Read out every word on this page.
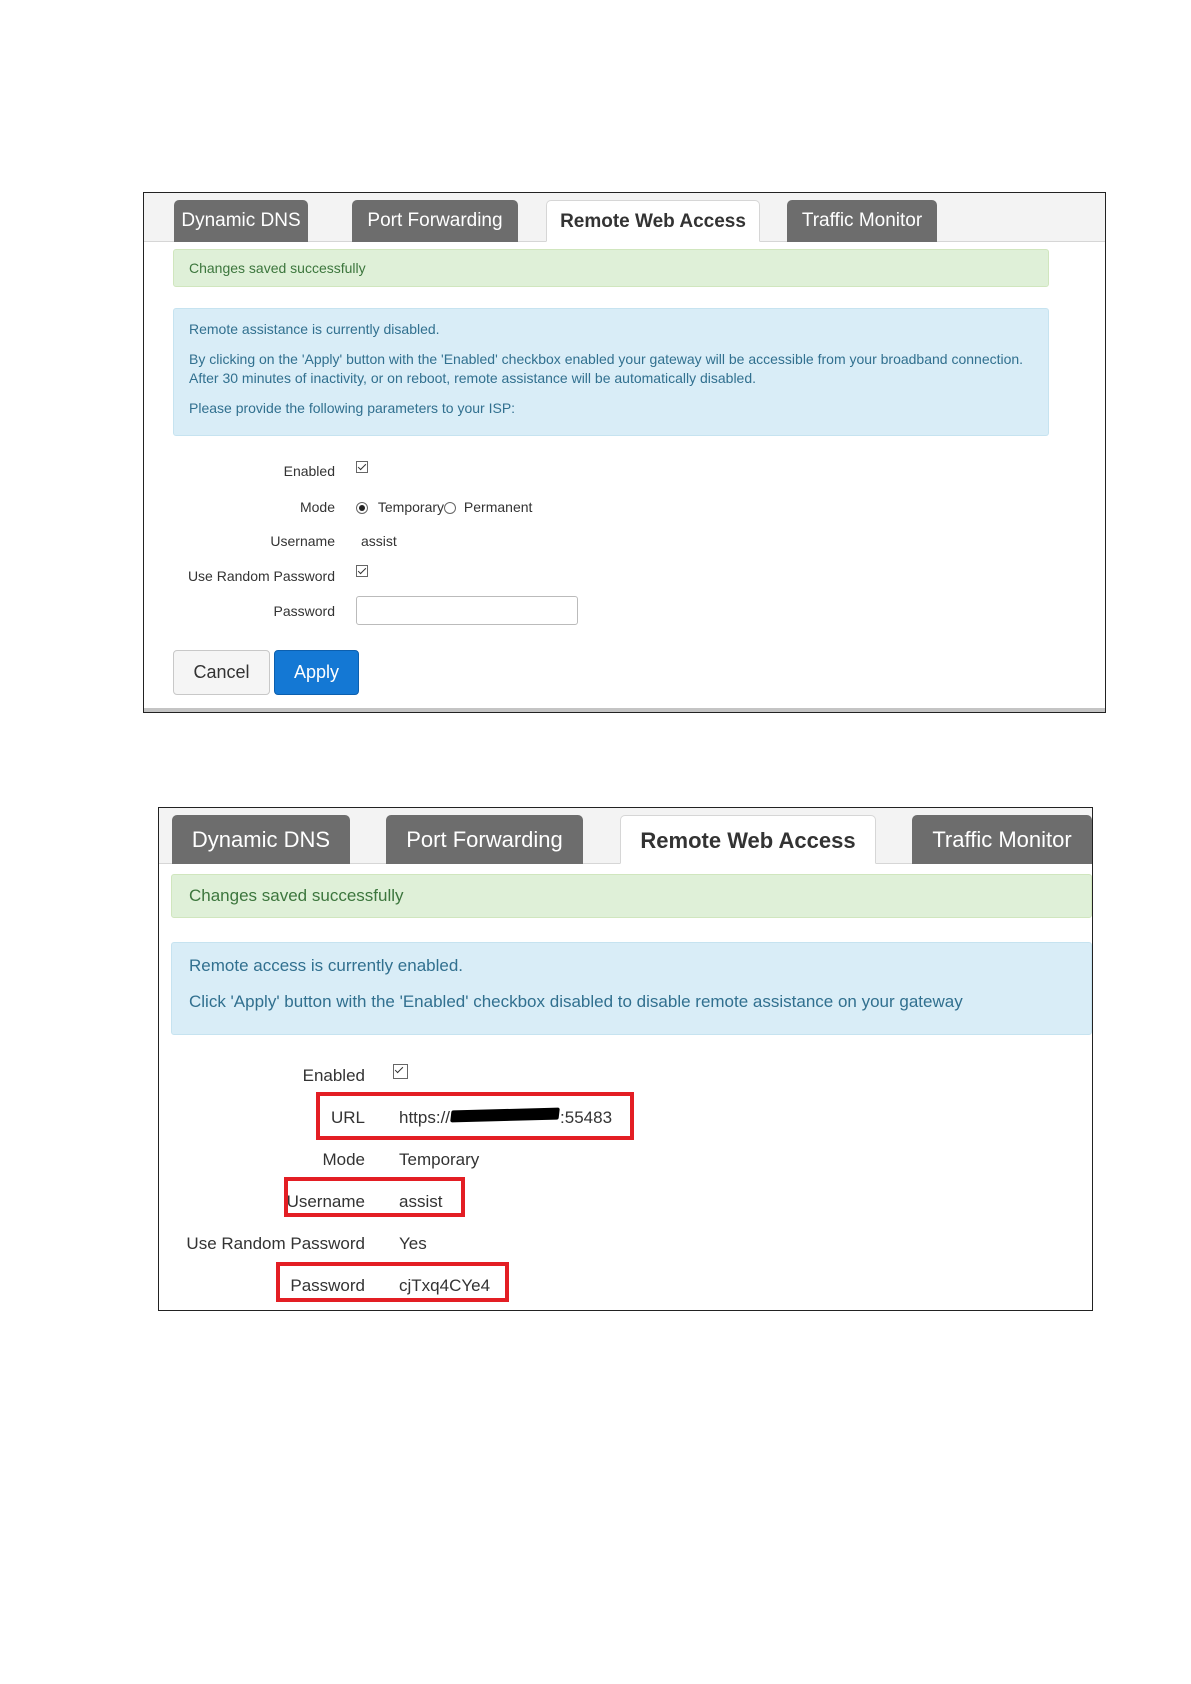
Dynamic DNS	Port Forwarding	Remote Web Access	Traffic Monitor
Changes saved successfully

Remote assistance is currently disabled.

By clicking on the 'Apply' button with the 'Enabled' checkbox enabled your gateway will be accessible from your broadband connection. After 30 minutes of inactivity, or on reboot, remote assistance will be automatically disabled.

Please provide the following parameters to your ISP:

Enabled
Mode	Temporary Permanent
Username assist
Use Random Password
Password
Cancel	Apply
Dynamic DNS	Port Forwarding	Remote Web Access	Traffic Monitor
Changes saved successfully

Remote access is currently enabled.

Click 'Apply' button with the 'Enabled' checkbox disabled to disable remote assistance on your gateway

Enabled
URL https://	:55483
Mode Temporary
Username assist
Use Random Password Yes
Password cjTxq4CYe4
